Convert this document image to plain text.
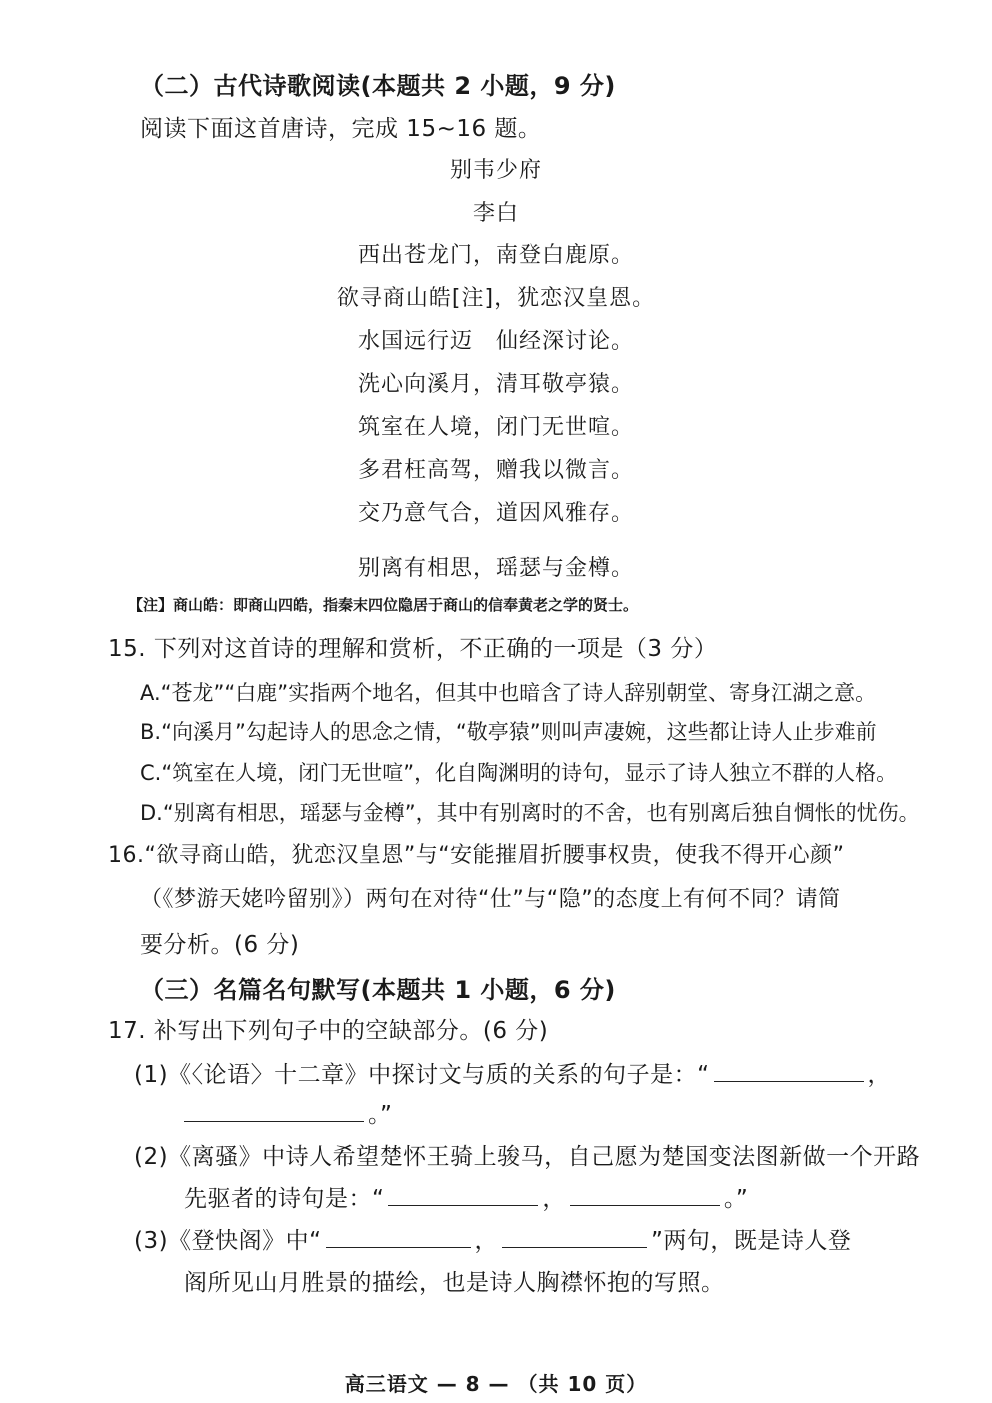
（二）古代诗歌阅读(本题共 2 小题，9 分)
阅读下面这首唐诗，完成 15~16 题。
别韦少府
李白
西出苍龙门，南登白鹿原。
欲寻商山皓[注]，犹恋汉皇恩。
水国远行迈　仙经深讨论。
洗心向溪月，清耳敬亭猿。
筑室在人境，闭门无世喧。
多君枉高驾，赠我以微言。
交乃意气合，道因风雅存。
别离有相思，瑶瑟与金樽。
【注】商山皓：即商山四皓，指秦末四位隐居于商山的信奉黄老之学的贤士。
15. 下列对这首诗的理解和赏析，不正确的一项是（3 分）
A.“苍龙”“白鹿”实指两个地名，但其中也暗含了诗人辞别朝堂、寄身江湖之意。
B.“向溪月”勾起诗人的思念之情，“敬亭猿”则叫声凄婉，这些都让诗人止步难前
C.“筑室在人境，闭门无世喧”，化自陶渊明的诗句，显示了诗人独立不群的人格。
D.“别离有相思，瑶瑟与金樽”，其中有别离时的不舍，也有别离后独自惆怅的忧伤。
16.“欲寻商山皓，犹恋汉皇恩”与“安能摧眉折腰事权贵，使我不得开心颜”
（《梦游天姥吟留别》）两句在对待“仕”与“隐”的态度上有何不同？请简
要分析。(6 分)
（三）名篇名句默写(本题共 1 小题，6 分)
17. 补写出下列句子中的空缺部分。(6 分)
(1)《〈论语〉十二章》中探讨文与质的关系的句子是：“	，
。”
(2)《离骚》中诗人希望楚怀王骑上骏马，自己愿为楚国变法图新做一个开路
先驱者的诗句是：“	，	。”
(3)《登快阁》中“	，	”两句，既是诗人登
阁所见山月胜景的描绘，也是诗人胸襟怀抱的写照。
高三语文 — 8 — （共 10 页）
